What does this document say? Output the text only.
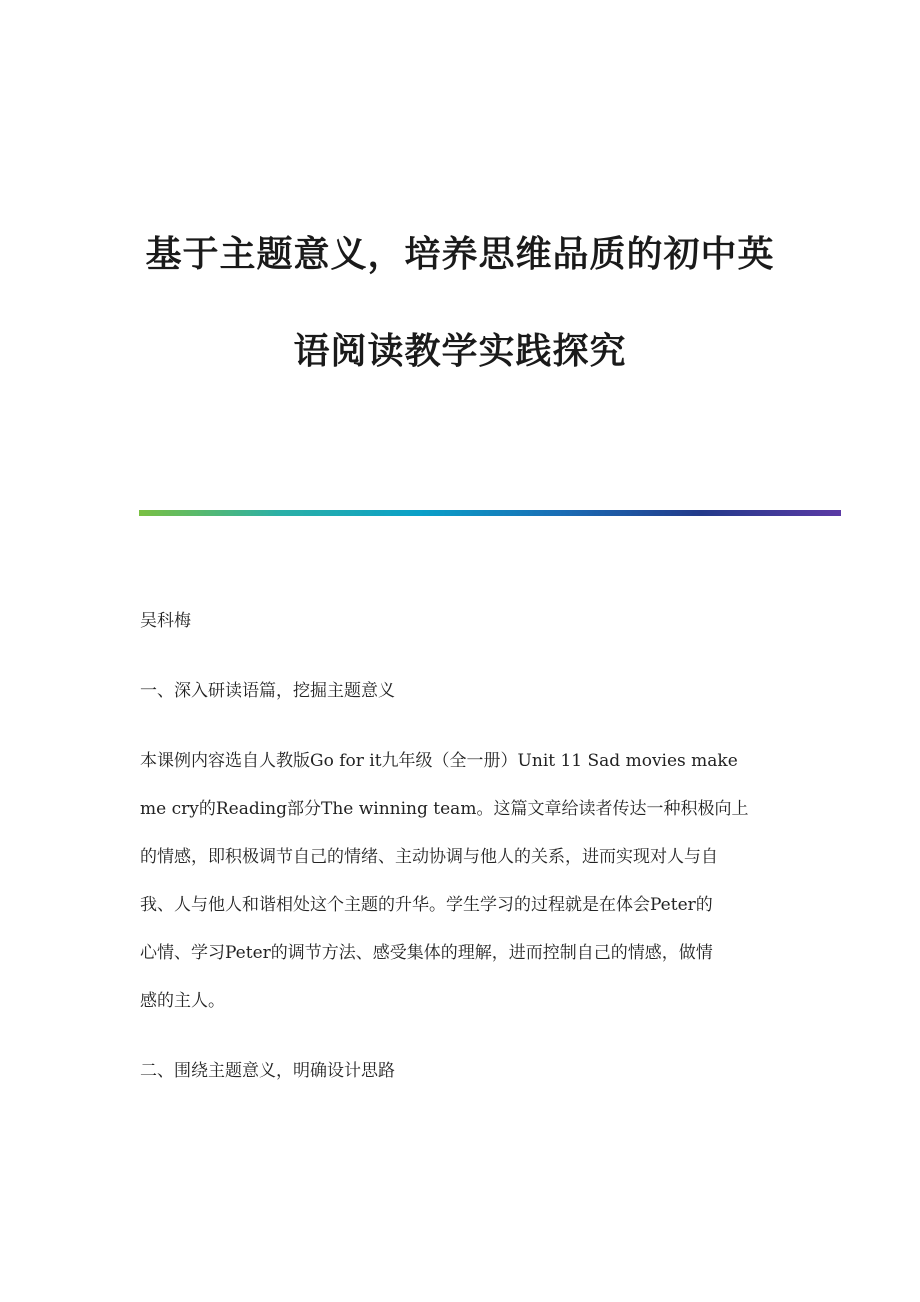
基于主题意义，培养思维品质的初中英
语阅读教学实践探究
吴科梅
一、深入研读语篇，挖掘主题意义
本课例内容选自人教版Go for it九年级（全一册）Unit 11 Sad movies make
me cry的Reading部分The winning team。这篇文章给读者传达一种积极向上
的情感，即积极调节自己的情绪、主动协调与他人的关系，进而实现对人与自
我、人与他人和谐相处这个主题的升华。学生学习的过程就是在体会Peter的
心情、学习Peter的调节方法、感受集体的理解，进而控制自己的情感，做情
感的主人。
二、围绕主题意义，明确设计思路
